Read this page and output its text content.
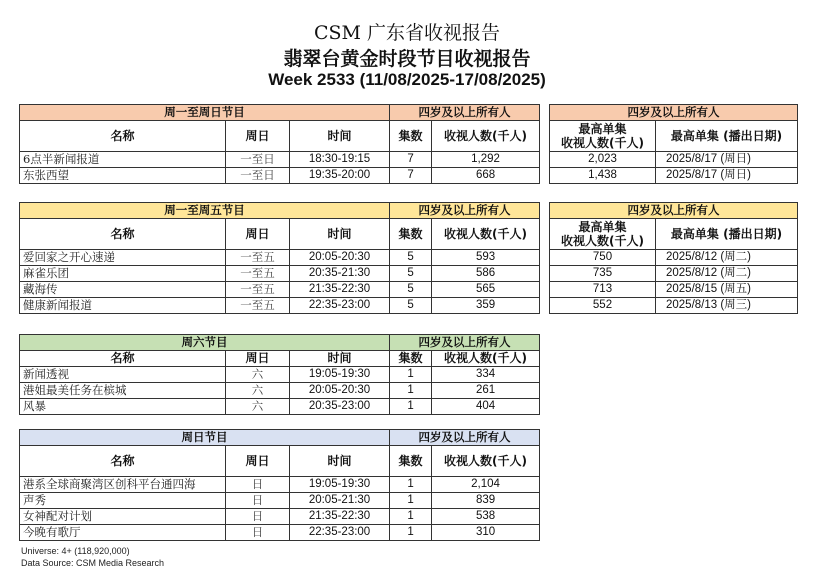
CSM 广东省收视报告
翡翠台黄金时段节目收视报告
Week 2533 (11/08/2025-17/08/2025)
周一至周日节目			四岁及以上所有人	
名称	周日	时间	集数	收视人数(千人)
6点半新闻报道	一至日	18:30-19:15	7	1,292
东张西望	一至日	19:35-20:00	7	668
四岁及以上所有人	
最高单集
收视人数(千人)	最高单集 (播出日期)
2,023	2025/8/17 (周日)
1,438	2025/8/17 (周日)
周一至周五节目			四岁及以上所有人	
名称	周日	时间	集数	收视人数(千人)
爱回家之开心速递	一至五	20:05-20:30	5	593
麻雀乐团	一至五	20:35-21:30	5	586
藏海传	一至五	21:35-22:30	5	565
健康新闻报道	一至五	22:35-23:00	5	359
四岁及以上所有人	
最高单集
收视人数(千人)	最高单集 (播出日期)
750	2025/8/12 (周二)
735	2025/8/12 (周二)
713	2025/8/15 (周五)
552	2025/8/13 (周三)
周六节目			四岁及以上所有人	
名称	周日	时间	集数	收视人数(千人)
新闻透视	六	19:05-19:30	1	334
港姐最美任务在槟城	六	20:05-20:30	1	261
风暴	六	20:35-23:00	1	404
周日节目			四岁及以上所有人	
名称	周日	时间	集数	收视人数(千人)
港系全球商聚湾区创科平台通四海	日	19:05-19:30	1	2,104
声秀	日	20:05-21:30	1	839
女神配对计划	日	21:35-22:30	1	538
今晚有歌厅	日	22:35-23:00	1	310
Universe: 4+ (118,920,000)
Data Source: CSM Media Research
